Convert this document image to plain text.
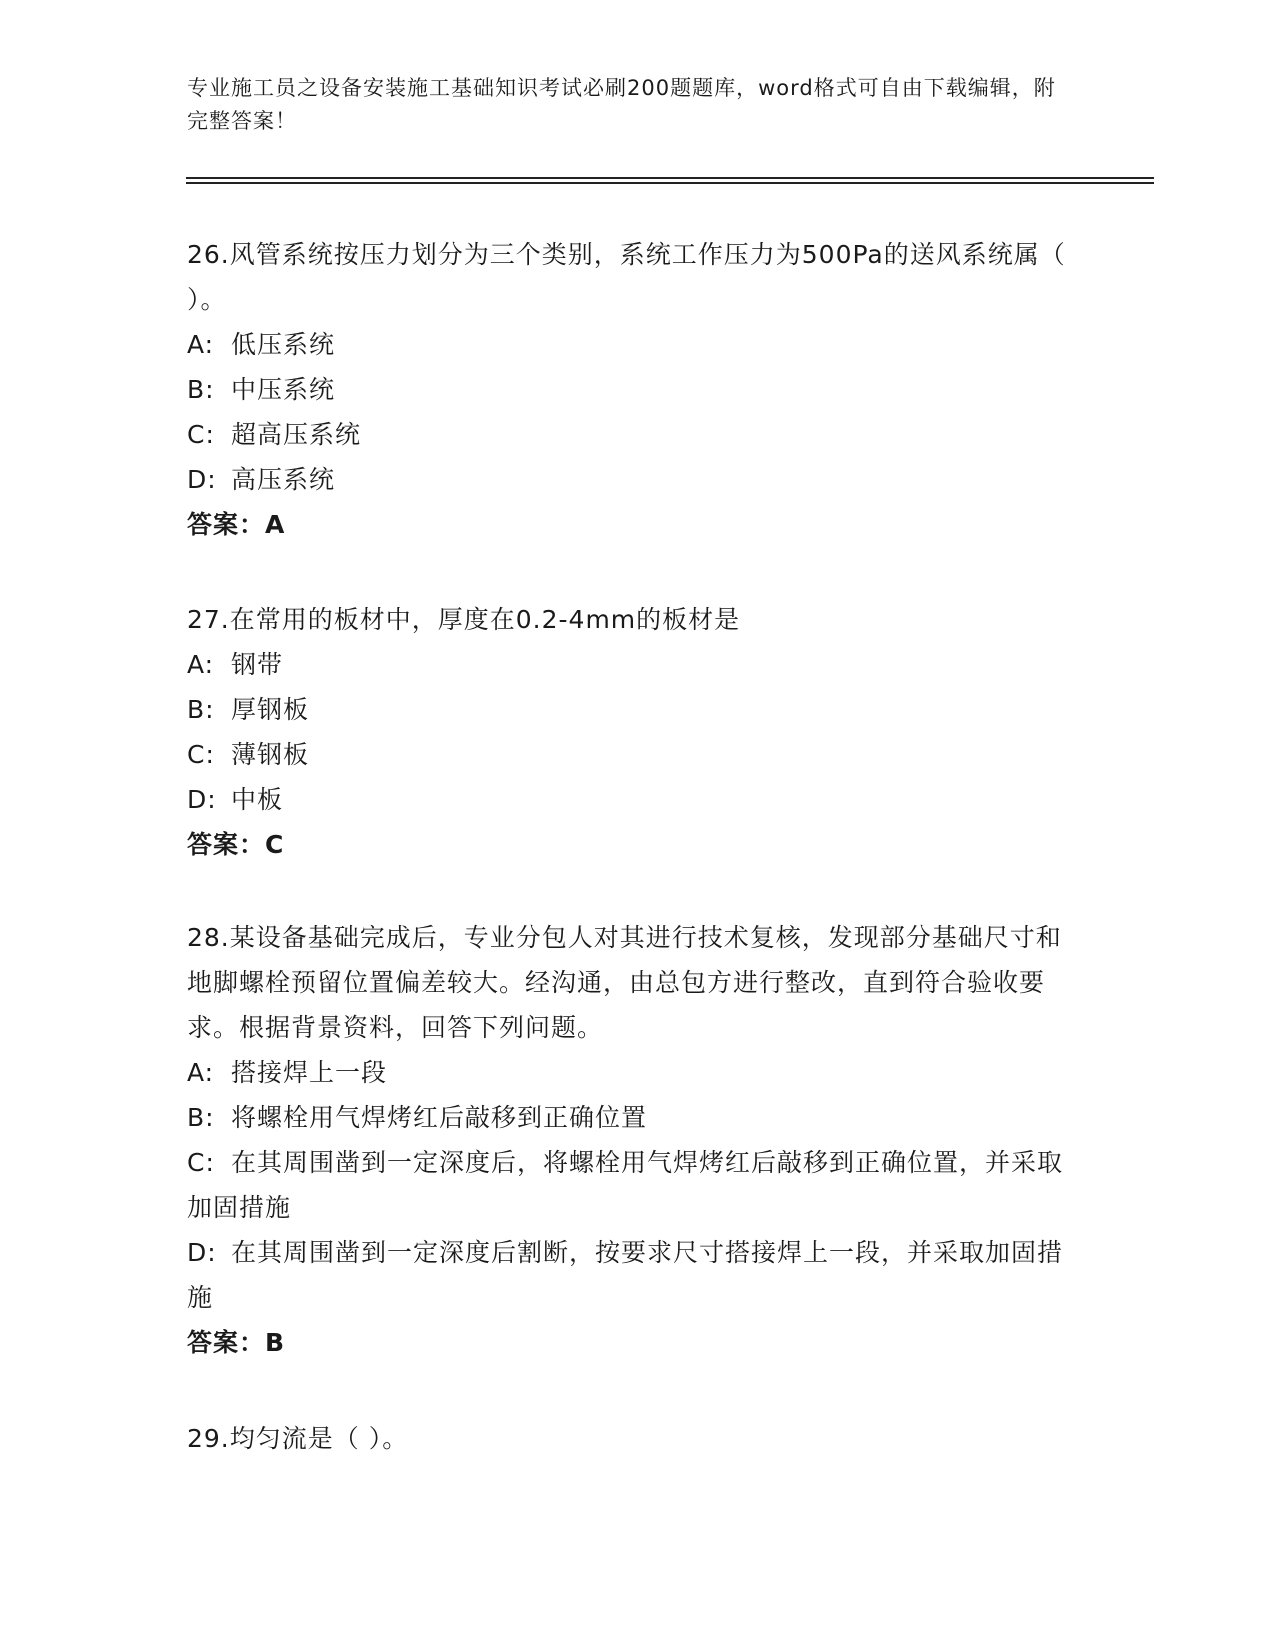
专业施工员之设备安装施工基础知识考试必刷200题题库，word格式可自由下载编辑，附完整答案！

26.风管系统按压力划分为三个类别，系统工作压力为500Pa的送风系统属（ ）。

A: 低压系统

B: 中压系统

C: 超高压系统

D: 高压系统

答案：A

27.在常用的板材中，厚度在0.2-4mm的板材是

A: 钢带

B: 厚钢板

C: 薄钢板

D: 中板

答案：C

28.某设备基础完成后，专业分包人对其进行技术复核，发现部分基础尺寸和地脚螺栓预留位置偏差较大。经沟通，由总包方进行整改，直到符合验收要求。根据背景资料，回答下列问题。

A: 搭接焊上一段

B: 将螺栓用气焊烤红后敲移到正确位置

C: 在其周围凿到一定深度后，将螺栓用气焊烤红后敲移到正确位置，并采取加固措施

D: 在其周围凿到一定深度后割断，按要求尺寸搭接焊上一段，并采取加固措施

答案：B

29.均匀流是（ ）。
